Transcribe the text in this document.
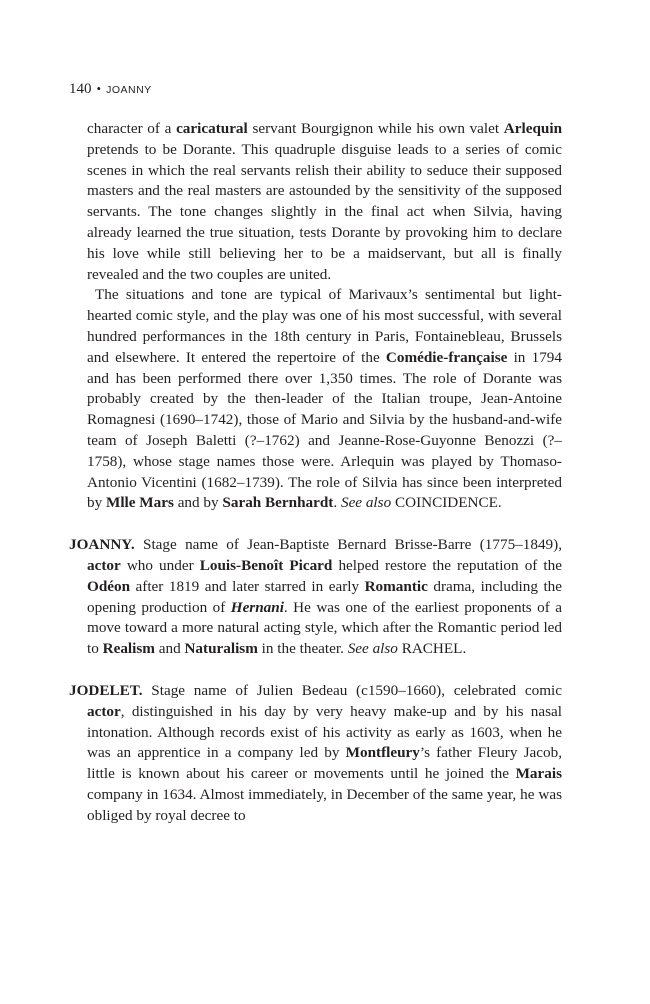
140 • JOANNY

character of a caricatural servant Bourgignon while his own valet Arlequin pretends to be Dorante. This quadruple disguise leads to a series of comic scenes in which the real servants relish their ability to seduce their supposed masters and the real masters are astounded by the sensitivity of the supposed servants. The tone changes slightly in the final act when Silvia, having already learned the true situation, tests Dorante by provoking him to declare his love while still believing her to be a maidservant, but all is finally revealed and the two couples are united.

The situations and tone are typical of Marivaux’s sentimental but light-hearted comic style, and the play was one of his most successful, with several hundred performances in the 18th century in Paris, Fontainebleau, Brussels and elsewhere. It entered the repertoire of the Comédie-française in 1794 and has been performed there over 1,350 times. The role of Dorante was probably created by the then-leader of the Italian troupe, Jean-Antoine Romagnesi (1690–1742), those of Mario and Silvia by the husband-and-wife team of Joseph Baletti (?–1762) and Jeanne-Rose-Guyonne Benozzi (?–1758), whose stage names those were. Arlequin was played by Thomaso-Antonio Vicentini (1682–1739). The role of Silvia has since been interpreted by Mlle Mars and by Sarah Bernhardt. See also COINCIDENCE.

JOANNY. Stage name of Jean-Baptiste Bernard Brisse-Barre (1775–1849), actor who under Louis-Benoît Picard helped restore the reputation of the Odéon after 1819 and later starred in early Romantic drama, including the opening production of Hernani. He was one of the earliest proponents of a move toward a more natural acting style, which after the Romantic period led to Realism and Naturalism in the theater. See also RACHEL.

JODELET. Stage name of Julien Bedeau (c1590–1660), celebrated comic actor, distinguished in his day by very heavy make-up and by his nasal intonation. Although records exist of his activity as early as 1603, when he was an apprentice in a company led by Montfleury’s father Fleury Jacob, little is known about his career or movements until he joined the Marais company in 1634. Almost immediately, in December of the same year, he was obliged by royal decree to
